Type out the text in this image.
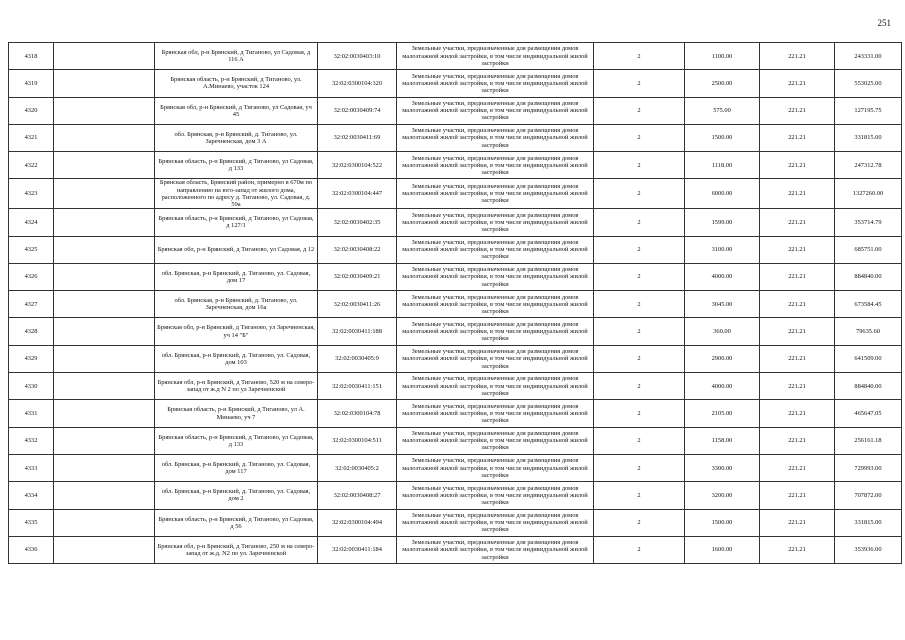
251
4318		Брянская обл, р-н Брянский, д Тиганово, ул Садовая, д 116 А	32:02:0030403:10	Земельные участки, предназначенные для размещения домов малоэтажной жилой застройки, в том числе индивидуальной жилой застройки	2	1100.00	221.21	243331.00
4319		Брянская область, р-н Брянский, д Тиганово, ул. А.Минаево, участок 124	32:02:0300104:320	Земельные участки, предназначенные для размещения домов малоэтажной жилой застройки, в том числе индивидуальной жилой застройки	2	2500.00	221.21	553025.00
4320		Брянская обл, р-н Брянский, д Тиганово, ул Садовая, уч 45	32:02:0030409:74	Земельные участки, предназначенные для размещения домов малоэтажной жилой застройки, в том числе индивидуальной жилой застройки	2	575.00	221.21	127195.75
4321		обл. Брянская, р-н Брянский, д. Тиганово, ул. Заречненская, дом 3 А	32:02:0030411:69	Земельные участки, предназначенные для размещения домов малоэтажной жилой застройки, в том числе индивидуальной жилой застройки	2	1500.00	221.21	331815.00
4322		Брянская область, р-н Брянский, д Тиганово, ул Садовая, д 133	32:02:0300104:522	Земельные участки, предназначенные для размещения домов малоэтажной жилой застройки, в том числе индивидуальной жилой застройки	2	1118.00	221.21	247312.78
4323		Брянская область, Брянский район, примерно в 670м по направлению на юго-запад от жилого дома, расположенного по адресу д. Тиганово, ул. Садовая, д. 59а	32:02:0300104:447	Земельные участки, предназначенные для размещения домов малоэтажной жилой застройки, в том числе индивидуальной жилой застройки	2	6000.00	221.21	1327260.00
4324		Брянская область, р-н Брянский, д Тиганово, ул Садовая, д 127/1	32:02:0030402:35	Земельные участки, предназначенные для размещения домов малоэтажной жилой застройки, в том числе индивидуальной жилой застройки	2	1599.00	221.21	353714.79
4325		Брянская обл, р-н Брянский, д Тиганово, ул Садовая, д 12	32:02:0030408:22	Земельные участки, предназначенные для размещения домов малоэтажной жилой застройки, в том числе индивидуальной жилой застройки	2	3100.00	221.21	685751.00
4326		обл. Брянская, р-н Брянский, д. Тиганово, ул. Садовая, дом 17	32:02:0030409:21	Земельные участки, предназначенные для размещения домов малоэтажной жилой застройки, в том числе индивидуальной жилой застройки	2	4000.00	221.21	884840.00
4327		обл. Брянская, р-н Брянский, д. Тиганово, ул. Заречненская, дом 16а	32:02:0030411:26	Земельные участки, предназначенные для размещения домов малоэтажной жилой застройки, в том числе индивидуальной жилой застройки	2	3045.00	221.21	673584.45
4328		Брянская обл, р-н Брянский, д Тиганово, ул Заречненская, уч 14 "Б"	32:02:0030411:188	Земельные участки, предназначенные для размещения домов малоэтажной жилой застройки, в том числе индивидуальной жилой застройки	2	360.00	221.21	79635.60
4329		обл. Брянская, р-н Брянский, д. Тиганово, ул. Садовая, дом 103	32:02:0030405:9	Земельные участки, предназначенные для размещения домов малоэтажной жилой застройки, в том числе индивидуальной жилой застройки	2	2900.00	221.21	641509.00
4330		Брянская обл, р-н Брянский, д Тиганово, 520 м на северо-запад от ж.д N 2 по ул Заречненской	32:02:0030411:151	Земельные участки, предназначенные для размещения домов малоэтажной жилой застройки, в том числе индивидуальной жилой застройки	2	4000.00	221.21	884840.00
4331		Брянская область, р-н Брянский, д Тиганово, ул А. Минаево, уч 7	32:02:0300104:78	Земельные участки, предназначенные для размещения домов малоэтажной жилой застройки, в том числе индивидуальной жилой застройки	2	2105.00	221.21	465647.05
4332		Брянская область, р-н Брянский, д Тиганово, ул Садовая, д 133	32:02:0300104:511	Земельные участки, предназначенные для размещения домов малоэтажной жилой застройки, в том числе индивидуальной жилой застройки	2	1158.00	221.21	256161.18
4333		обл. Брянская, р-н Брянский, д. Тиганово, ул. Садовая, дом 117	32:02:0030405:2	Земельные участки, предназначенные для размещения домов малоэтажной жилой застройки, в том числе индивидуальной жилой застройки	2	3300.00	221.21	729993.00
4334		обл. Брянская, р-н Брянский, д. Тиганово, ул. Садовая, дом 2	32:02:0030408:27	Земельные участки, предназначенные для размещения домов малоэтажной жилой застройки, в том числе индивидуальной жилой застройки	2	3200.00	221.21	707872.00
4335		Брянская область, р-н Брянский, д Тиганово, ул Садовая, д 56	32:02:0300104:494	Земельные участки, предназначенные для размещения домов малоэтажной жилой застройки, в том числе индивидуальной жилой застройки	2	1500.00	221.21	331815.00
4336		Брянская обл, р-н Брянский, д Тиганово, 250 м на северо-запад от ж.д. N2 по ул. Заречненской	32:02:0030411:184	Земельные участки, предназначенные для размещения домов малоэтажной жилой застройки, в том числе индивидуальной жилой застройки	2	1600.00	221.21	353936.00
